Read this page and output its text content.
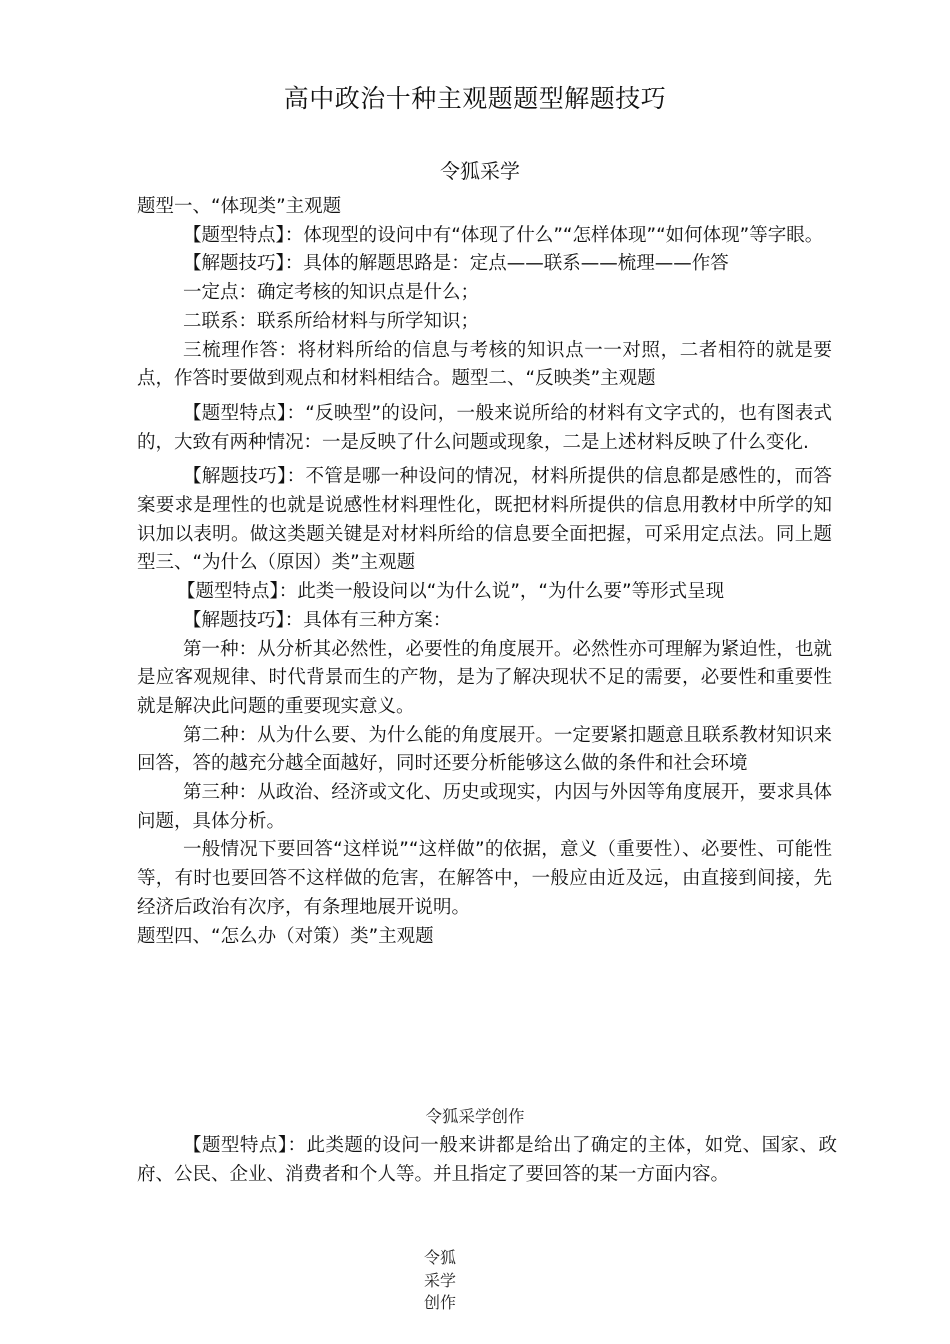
高中政治十种主观题题型解题技巧
令狐采学

题型一、“体现类”主观题

【题型特点】：体现型的设问中有“体现了什么”“怎样体现”“如何体现”等字眼。

【解题技巧】：具体的解题思路是：定点——联系——梳理——作答

一定点：确定考核的知识点是什么；

二联系：联系所给材料与所学知识；

三梳理作答：将材料所给的信息与考核的知识点一一对照，二者相符的就是要点，作答时要做到观点和材料相结合。题型二、“反映类”主观题

【题型特点】：“反映型”的设问，一般来说所给的材料有文字式的，也有图表式的，大致有两种情况：一是反映了什么问题或现象，二是上述材料反映了什么变化.

【解题技巧】：不管是哪一种设问的情况，材料所提供的信息都是感性的，而答案要求是理性的也就是说感性材料理性化，既把材料所提供的信息用教材中所学的知识加以表明。做这类题关键是对材料所给的信息要全面把握，可采用定点法。同上题型三、“为什么（原因）类”主观题

【题型特点】：此类一般设问以“为什么说”，“为什么要”等形式呈现

【解题技巧】：具体有三种方案：

第一种：从分析其必然性，必要性的角度展开。必然性亦可理解为紧迫性，也就是应客观规律、时代背景而生的产物，是为了解决现状不足的需要，必要性和重要性就是解决此问题的重要现实意义。

第二种：从为什么要、为什么能的角度展开。一定要紧扣题意且联系教材知识来回答，答的越充分越全面越好，同时还要分析能够这么做的条件和社会环境

第三种：从政治、经济或文化、历史或现实，内因与外因等角度展开，要求具体问题，具体分析。

一般情况下要回答“这样说”“这样做”的依据，意义（重要性）、必要性、可能性等，有时也要回答不这样做的危害，在解答中，一般应由近及远，由直接到间接，先经济后政治有次序，有条理地展开说明。

题型四、“怎么办（对策）类”主观题

令狐采学创作

【题型特点】：此类题的设问一般来讲都是给出了确定的主体，如党、国家、政府、公民、企业、消费者和个人等。并且指定了要回答的某一方面内容。

令狐采学创作
